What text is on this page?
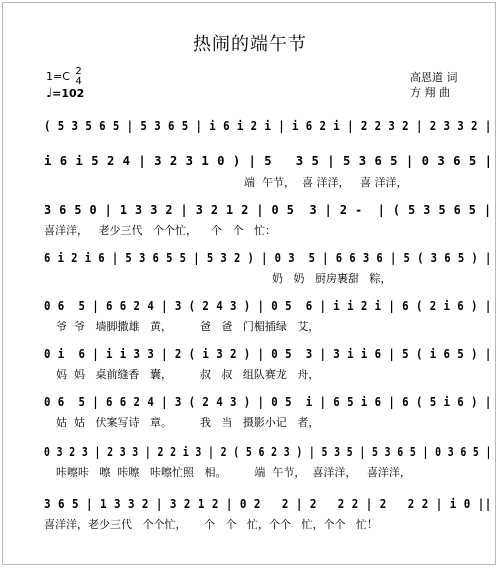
热闹的端午节
1=C 2
4
♩=102
高恩道 词
方 翔 曲
( 5 3 5 6 5 | 5 3 6 5 | i 6 i 2 i | i 6 2 i | 2 2 3 2 | 2 3 3 2 |
i 6 i 5 2 4 | 3 2 3 1 0 ) | 5   3 5 | 5 3 6 5 | 0 3 6 5 |
端  午节，  喜 洋洋，   喜 洋洋，
3 6 5 0 | 1 3 3 2 | 3 2 1 2 | 0 5  3 | 2 -  | ( 5 3 5 6 5 |
喜洋洋，   老少三代   个个忙，    个   个   忙：
6 i 2 i 6 | 5 3 6 5 5 | 5 3 2 ) | 0 3  5 | 6 6 3 6 | 5 ( 3 6 5 ) |
奶   奶   厨房裹甜   粽，
0 6  5 | 6 6 2 4 | 3 ( 2 4 3 ) | 0 5  6 | i i 2 i | 6 ( 2 i 6 ) |
爷  爷   墙脚撒雄   黄，        爸   爸   门楣插绿   艾，
0 i  6 | i i 3 3 | 2 ( i 3 2 ) | 0 5  3 | 3 i i 6 | 5 ( i 6 5 ) |
妈  妈   桌前缝香   囊，        叔   叔   组队赛龙   舟，
0 6  5 | 6 6 2 4 | 3 ( 2 4 3 ) | 0 5  i | 6 5 i 6 | 6 ( 5 i 6 ) |
姑  姑   伏案写诗   章。        我   当   摄影小记   者，
0 3 2 3 | 2 3 3 | 2 2 i 3 | 2 ( 5 6 2 3 ) | 5 3 5 | 5 3 6 5 | 0 3 6 5 |
咔嚓咔   嚓  咔嚓   咔嚓忙照   相。        端  午节，  喜洋洋，   喜洋洋，
3 6 5 | 1 3 3 2 | 3 2 1 2 | 0 2   2 | 2   2 2 | 2   2 2 | i 0 ||
喜洋洋，老少三代   个个忙，     个   个   忙，个个   忙，个个   忙！
